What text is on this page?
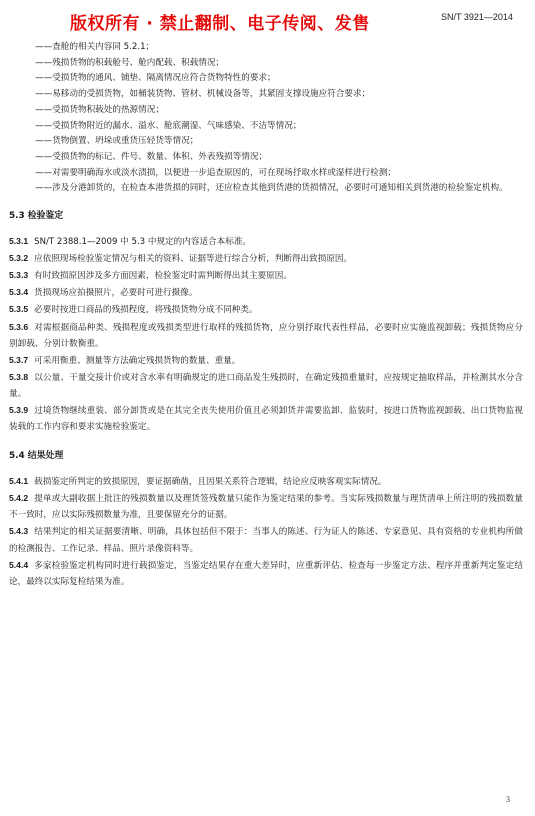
版权所有 · 禁止翻制、电子传阅、发售	SN/T 3921—2014

——查舱的相关内容同 5.2.1；

——残损货物的积载舱号、舱内配载、积载情况；

——受损货物的通风、铺垫、隔离情况应符合货物特性的要求；

——易移动的受损货物，如桶装货物、管材、机械设备等，其紧固支撑设施应符合要求；

——受损货物积载处的热源情况；

——受损货物附近的漏水、溢水、舱底潮湿、气味感染、不洁等情况；

——货物倒置、坍垛或重货压轻货等情况；

——受损货物的标记、件号、数量、体积、外表残损等情况；

——对需要明确海水或淡水渍损，以便进一步追查原因的，可在现场抒取水样或湿样进行检测；

——涉及分港卸货的，在检查本港货损的同时，还应检查其他到货港的货损情况，必要时可通知相关到货港的检验鉴定机构。

5.3 检验鉴定

5.3.1 SN/T 2388.1—2009 中 5.3 中规定的内容适合本标准。

5.3.2 应依照现场检验鉴定情况与相关的资料、证据等进行综合分析，判断得出致损原因。

5.3.3 有时致损原因涉及多方面因素，检验鉴定时需判断得出其主要原因。

5.3.4 货损现场应拍摄照片，必要时可进行摄像。

5.3.5 必要时按进口商品的残损程度，将残损货物分成不同种类。

5.3.6 对需根据商品种类、残损程度或残损类型进行取样的残损货物，应分别抒取代表性样品，必要时应实施监视卸载；残损货物应分别卸载、分别计数衡重。

5.3.7 可采用衡重、测量等方法确定残损货物的数量、重量。

5.3.8 以公量、干量交接计价或对含水率有明确规定的进口商品发生残损时，在确定残损重量时，应按规定抽取样品，并检测其水分含量。

5.3.9 过境货物继续重装、部分卸货或是在其完全丧失使用价值且必须卸货并需要监卸、监装时，按进口货物监视卸载、出口货物监视装载的工作内容和要求实施检验鉴定。

5.4 结果处理

5.4.1 载损鉴定所判定的致损原因，要证据确凿，且因果关系符合逻辑，结论应反映客观实际情况。

5.4.2 提单或大副收据上批注的残损数量以及理货签残数量只能作为鉴定结果的参考。当实际残损数量与理货清单上所注明的残损数量不一致时，应以实际残损数量为准，且要保留充分的证据。

5.4.3 结果判定的相关证据要清晰、明确，具体包括但不限于：当事人的陈述、行为证人的陈述、专家意见、具有资格的专业机构所做的检测报告、工作记录、样品、照片录像资料等。

5.4.4 多家检验鉴定机构同时进行载损鉴定，当鉴定结果存在重大差异时，应重新评估、检查每一步鉴定方法、程序并重新判定鉴定结论，最终以实际复检结果为准。

3
